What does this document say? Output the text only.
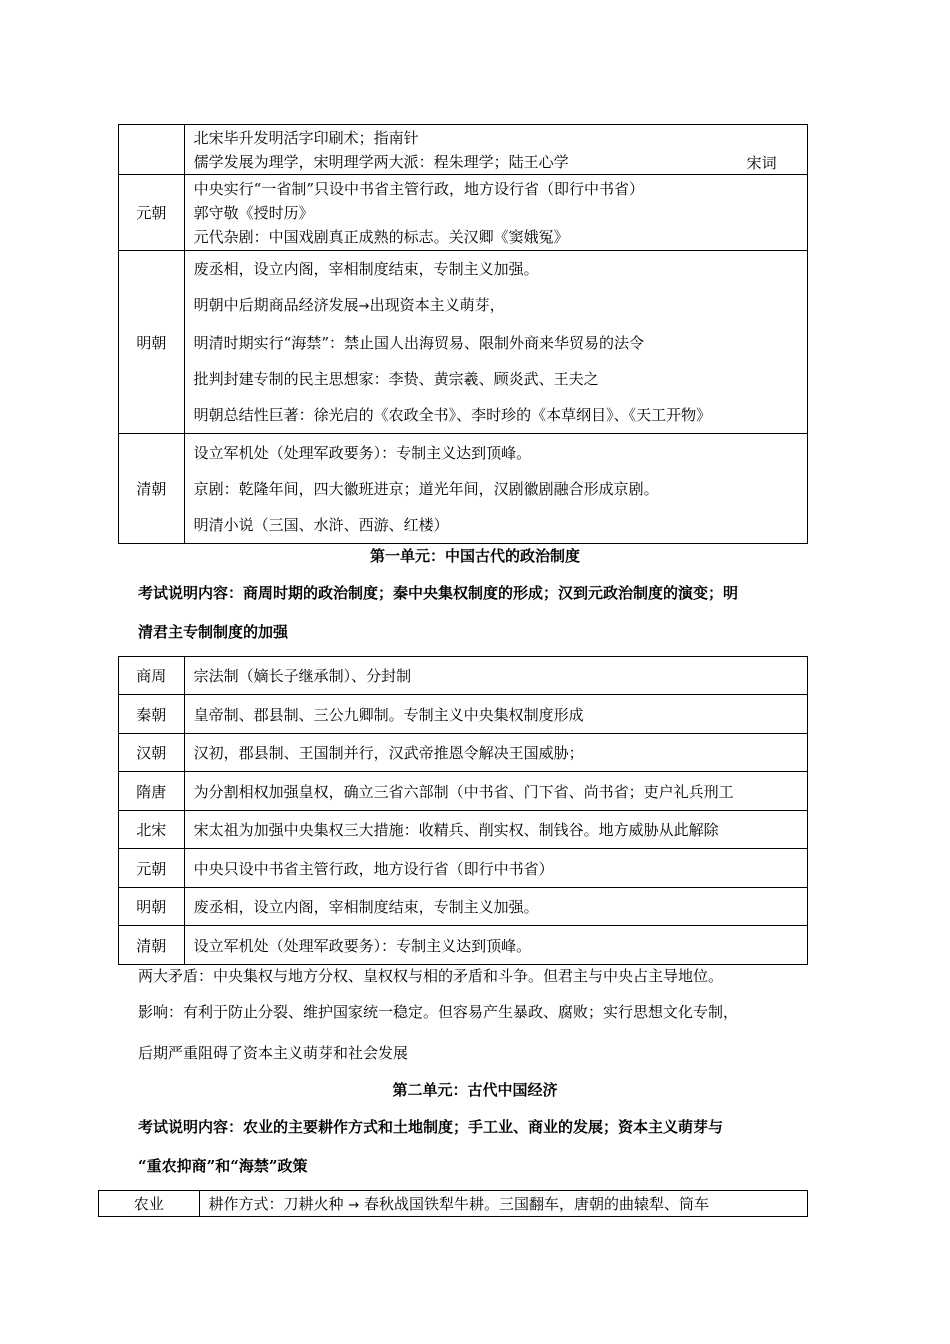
	北宋毕升发明活字印刷术；指南针
儒学发展为理学，宋明理学两大派：程朱理学；陆王心学 宋词

元朝	中央实行“一省制”只设中书省主管行政，地方设行省（即行中书省）
郭守敬《授时历》
元代杂剧：中国戏剧真正成熟的标志。关汉卿《窦娥冤》

明朝	废丞相，设立内阁，宰相制度结束，专制主义加强。
明朝中后期商品经济发展→出现资本主义萌芽，
明清时期实行“海禁”：禁止国人出海贸易、限制外商来华贸易的法令
批判封建专制的民主思想家：李贽、黄宗羲、顾炎武、王夫之
明朝总结性巨著：徐光启的《农政全书》、李时珍的《本草纲目》、《天工开物》

清朝	设立军机处（处理军政要务）：专制主义达到顶峰。
京剧：乾隆年间，四大徽班进京；道光年间，汉剧徽剧融合形成京剧。
明清小说（三国、水浒、西游、红楼）
第一单元：中国古代的政治制度
考试说明内容：商周时期的政治制度；秦中央集权制度的形成；汉到元政治制度的演变；明
清君主专制制度的加强
商周	宗法制（嫡长子继承制）、分封制
秦朝	皇帝制、郡县制、三公九卿制。专制主义中央集权制度形成
汉朝	汉初，郡县制、王国制并行，汉武帝推恩令解决王国威胁；
隋唐	为分割相权加强皇权，确立三省六部制（中书省、门下省、尚书省；吏户礼兵刑工
北宋	宋太祖为加强中央集权三大措施：收精兵、削实权、制钱谷。地方威胁从此解除
元朝	中央只设中书省主管行政，地方设行省（即行中书省）
明朝	废丞相，设立内阁，宰相制度结束，专制主义加强。
清朝	设立军机处（处理军政要务）：专制主义达到顶峰。
两大矛盾：中央集权与地方分权、皇权权与相的矛盾和斗争。但君主与中央占主导地位。
影响：有利于防止分裂、维护国家统一稳定。但容易产生暴政、腐败；实行思想文化专制，
后期严重阻碍了资本主义萌芽和社会发展
第二单元：古代中国经济
考试说明内容：农业的主要耕作方式和土地制度；手工业、商业的发展；资本主义萌芽与
“重农抑商”和“海禁”政策
农业	耕作方式：刀耕火种 → 春秋战国铁犁牛耕。三国翻车，唐朝的曲辕犁、筒车
